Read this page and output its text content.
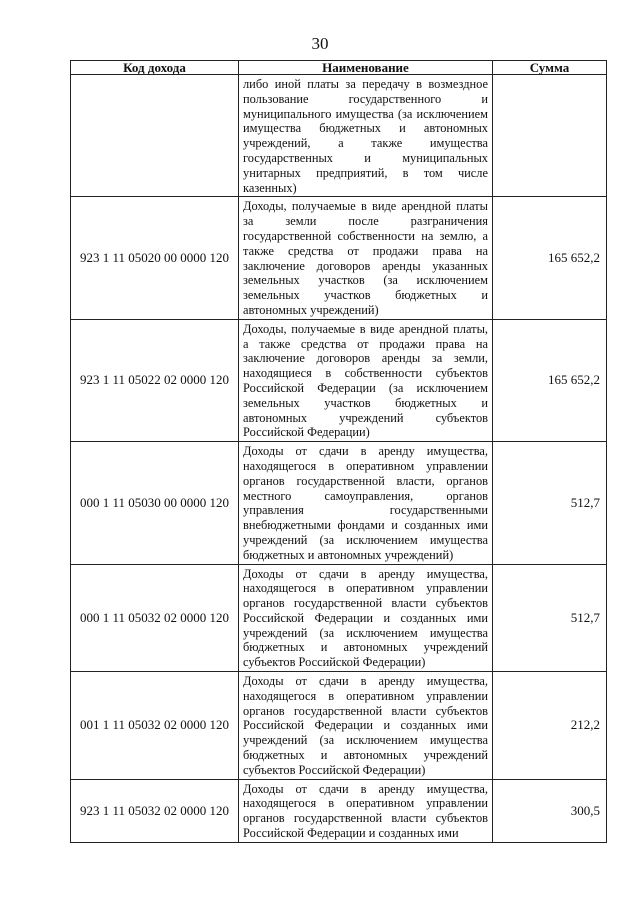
30
Код дохода	Наименование	Сумма
	либо иной платы за передачу в возмездное пользование государственного и муниципального имущества (за исключением имущества бюджетных и автономных учреждений, а также имущества государственных и муниципальных унитарных предприятий, в том числе казенных)	
923 1 11 05020 00 0000 120	Доходы, получаемые в виде арендной платы за земли после разграничения государственной собственности на землю, а также средства от продажи права на заключение договоров аренды указанных земельных участков (за исключением земельных участков бюджетных и автономных учреждений)	165 652,2
923 1 11 05022 02 0000 120	Доходы, получаемые в виде арендной платы, а также средства от продажи права на заключение договоров аренды за земли, находящиеся в собственности субъектов Российской Федерации (за исключением земельных участков бюджетных и автономных учреждений субъектов Российской Федерации)	165 652,2
000 1 11 05030 00 0000 120	Доходы от сдачи в аренду имущества, находящегося в оперативном управлении органов государственной власти, органов местного самоуправления, органов управления государственными внебюджетными фондами и созданных ими учреждений (за исключением имущества бюджетных и автономных учреждений)	512,7
000 1 11 05032 02 0000 120	Доходы от сдачи в аренду имущества, находящегося в оперативном управлении органов государственной власти субъектов Российской Федерации и созданных ими учреждений (за исключением имущества бюджетных и автономных учреждений субъектов Российской Федерации)	512,7
001 1 11 05032 02 0000 120	Доходы от сдачи в аренду имущества, находящегося в оперативном управлении органов государственной власти субъектов Российской Федерации и созданных ими учреждений (за исключением имущества бюджетных и автономных учреждений субъектов Российской Федерации)	212,2
923 1 11 05032 02 0000 120	Доходы от сдачи в аренду имущества, находящегося в оперативном управлении органов государственной власти субъектов Российской Федерации и созданных ими	300,5
